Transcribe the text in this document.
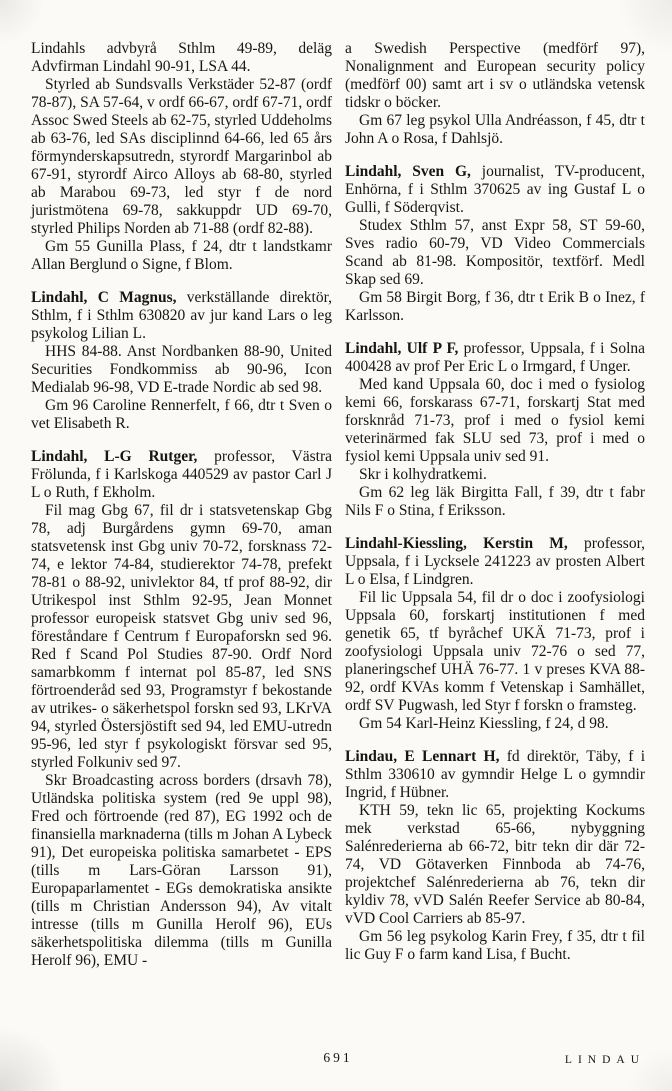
Lindahls advbyrå Sthlm 49-89, deläg Advfirman Lindahl 90-91, LSA 44.

Styrled ab Sundsvalls Verkstäder 52-87 (ordf 78-87), SA 57-64, v ordf 66-67, ordf 67-71, ordf Assoc Swed Steels ab 62-75, styrled Uddeholms ab 63-76, led SAs disciplinnd 64-66, led 65 års förmynderskapsutredn, styrordf Margarinbol ab 67-91, styrordf Airco Alloys ab 68-80, styrled ab Marabou 69-73, led styr f de nord juristmötena 69-78, sakkuppdr UD 69-70, styrled Philips Norden ab 71-88 (ordf 82-88).

Gm 55 Gunilla Plass, f 24, dtr t landstkamr Allan Berglund o Signe, f Blom.

Lindahl, C Magnus, verkställande direktör, Sthlm, f i Sthlm 630820 av jur kand Lars o leg psykolog Lilian L.

HHS 84-88. Anst Nordbanken 88-90, United Securities Fondkommiss ab 90-96, Icon Medialab 96-98, VD E-trade Nordic ab sed 98.

Gm 96 Caroline Rennerfelt, f 66, dtr t Sven o vet Elisabeth R.

Lindahl, L-G Rutger, professor, Västra Frölunda, f i Karlskoga 440529 av pastor Carl J L o Ruth, f Ekholm.

Fil mag Gbg 67, fil dr i statsvetenskap Gbg 78, adj Burgårdens gymn 69-70, aman statsvetensk inst Gbg univ 70-72, forsknass 72-74, e lektor 74-84, studierektor 74-78, prefekt 78-81 o 88-92, univlektor 84, tf prof 88-92, dir Utrikespol inst Sthlm 92-95, Jean Monnet professor europeisk statsvet Gbg univ sed 96, föreståndare f Centrum f Europaforskn sed 96. Red f Scand Pol Studies 87-90. Ordf Nord samarbkomm f internat pol 85-87, led SNS förtroenderåd sed 93, Programstyr f bekostande av utrikes- o säkerhetspol forskn sed 93, LKrVA 94, styrled Östersjöstift sed 94, led EMU-utredn 95-96, led styr f psykologiskt försvar sed 95, styrled Folkuniv sed 97.

Skr Broadcasting across borders (drsavh 78), Utländska politiska system (red 9e uppl 98), Fred och förtroende (red 87), EG 1992 och de finansiella marknaderna (tills m Johan A Lybeck 91), Det europeiska politiska samarbetet - EPS (tills m Lars-Göran Larsson 91), Europaparlamentet - EGs demokratiska ansikte (tills m Christian Andersson 94), Av vitalt intresse (tills m Gunilla Herolf 96), EUs säkerhetspolitiska dilemma (tills m Gunilla Herolf 96), EMU -

a Swedish Perspective (medförf 97), Nonalignment and European security policy (medförf 00) samt art i sv o utländska vetensk tidskr o böcker.

Gm 67 leg psykol Ulla Andréasson, f 45, dtr t John A o Rosa, f Dahlsjö.

Lindahl, Sven G, journalist, TV-producent, Enhörna, f i Sthlm 370625 av ing Gustaf L o Gulli, f Söderqvist.

Studex Sthlm 57, anst Expr 58, ST 59-60, Sves radio 60-79, VD Video Commercials Scand ab 81-98. Kompositör, textförf. Medl Skap sed 69.

Gm 58 Birgit Borg, f 36, dtr t Erik B o Inez, f Karlsson.

Lindahl, Ulf P F, professor, Uppsala, f i Solna 400428 av prof Per Eric L o Irmgard, f Unger.

Med kand Uppsala 60, doc i med o fysiolog kemi 66, forskarass 67-71, forskartj Stat med forsknråd 71-73, prof i med o fysiol kemi veterinärmed fak SLU sed 73, prof i med o fysiol kemi Uppsala univ sed 91.

Skr i kolhydratkemi.

Gm 62 leg läk Birgitta Fall, f 39, dtr t fabr Nils F o Stina, f Eriksson.

Lindahl-Kiessling, Kerstin M, professor, Uppsala, f i Lycksele 241223 av prosten Albert L o Elsa, f Lindgren.

Fil lic Uppsala 54, fil dr o doc i zoofysiologi Uppsala 60, forskartj institutionen f med genetik 65, tf byråchef UKÄ 71-73, prof i zoofysiologi Uppsala univ 72-76 o sed 77, planeringschef UHÄ 76-77. 1 v preses KVA 88-92, ordf KVAs komm f Vetenskap i Samhället, ordf SV Pugwash, led Styr f forskn o framsteg.

Gm 54 Karl-Heinz Kiessling, f 24, d 98.

Lindau, E Lennart H, fd direktör, Täby, f i Sthlm 330610 av gymndir Helge L o gymndir Ingrid, f Hübner.

KTH 59, tekn lic 65, projekting Kockums mek verkstad 65-66, nybyggning Salénrederierna ab 66-72, bitr tekn dir där 72-74, VD Götaverken Finnboda ab 74-76, projektchef Salénrederierna ab 76, tekn dir kyldiv 78, vVD Salén Reefer Service ab 80-84, vVD Cool Carriers ab 85-97.

Gm 56 leg psykolog Karin Frey, f 35, dtr t fil lic Guy F o farm kand Lisa, f Bucht.

691	LINDAU
